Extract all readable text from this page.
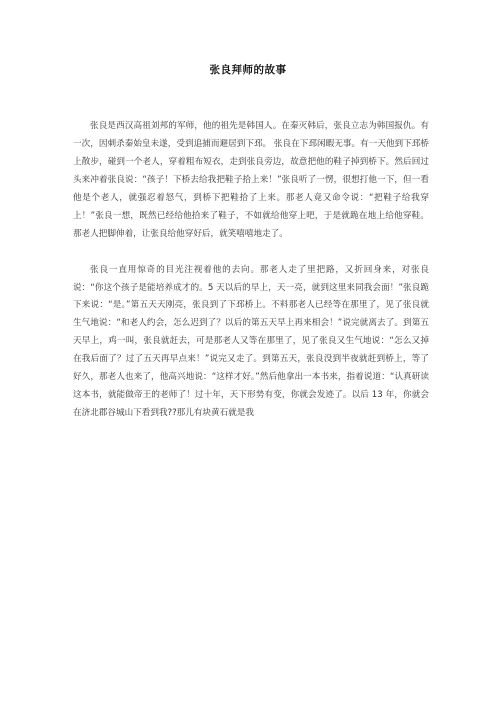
张良拜师的故事

张良是西汉高祖刘邦的军师，他的祖先是韩国人。在秦灭韩后，张良立志为韩国报仇。有一次，因刺杀秦始皇未遂，受到追捕而避居到下邳。 张良在下邳闲暇无事。有一天他到下邳桥上散步，碰到一个老人，穿着粗布短衣，走到张良旁边，故意把他的鞋子掉到桥下。然后回过头来冲着张良说：“孩子！下桥去给我把鞋子拾上来！”张良听了一愣，很想打他一下，但一看他是个老人，就强忍着怒气，到桥下把鞋拾了上来。那老人竟又命令说：“把鞋子给我穿上！”张良一想，既然已经给他拾来了鞋子，不如就给他穿上吧，于是就跪在地上给他穿鞋。那老人把脚伸着，让张良给他穿好后，就笑嘻嘻地走了。

张良一直用惊奇的目光注视着他的去向。那老人走了里把路，又折回身来，对张良说：“你这个孩子是能培养成才的。5 天以后的早上，天一亮，就到这里来同我会面！”张良跪下来说：“是。”第五天天刚亮，张良到了下邳桥上。不料那老人已经等在那里了，见了张良就生气地说：“和老人约会，怎么迟到了？以后的第五天早上再来相会！”说完就离去了。到第五天早上，鸡一叫，张良就赶去，可是那老人又等在那里了，见了张良又生气地说：“怎么又掉在我后面了？过了五天再早点来！”说完又走了。到第五天，张良没到半夜就赶到桥上，等了好久，那老人也来了，他高兴地说：“这样才好。”然后他拿出一本书来，指着说道：“认真研读这本书，就能做帝王的老师了！过十年，天下形势有变，你就会发迹了。以后 13 年，你就会在济北郡谷城山下看到我??那儿有块黄石就是我
